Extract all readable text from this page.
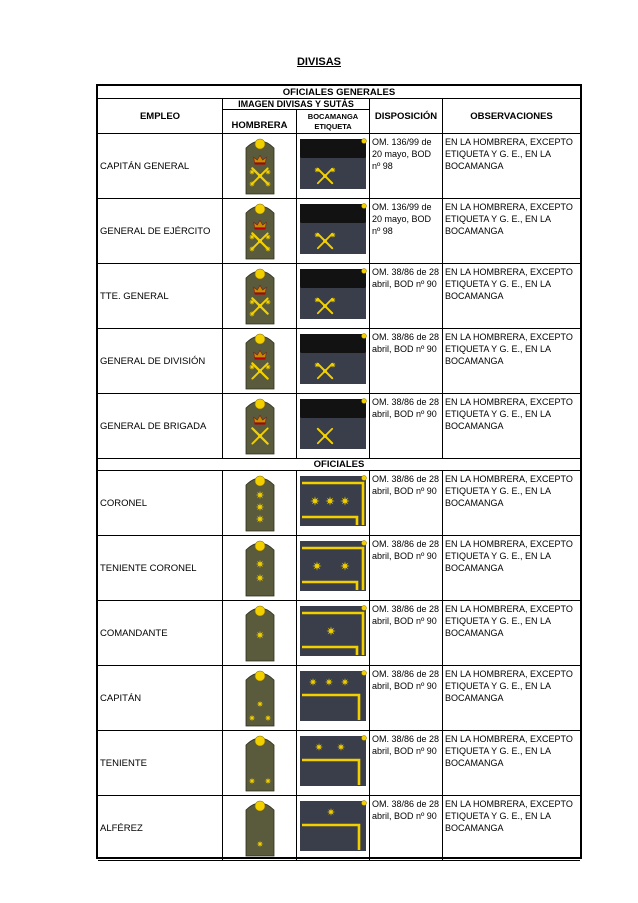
DIVISAS
OFICIALES GENERALES
EMPLEO
IMAGEN DIVISAS Y SUTÁS
HOMBRERA
BOCAMANGA ETIQUETA
DISPOSICIÓN	OBSERVACIONES
OFICIALES
CAPITÁN GENERAL
OM. 136/99 de 20 mayo, BOD nº 98
EN LA HOMBRERA, EXCEPTO ETIQUETA Y G. E., EN LA BOCAMANGA
GENERAL DE EJÉRCITO
OM. 136/99 de 20 mayo, BOD nº 98
EN LA HOMBRERA, EXCEPTO ETIQUETA Y G. E., EN LA BOCAMANGA
TTE. GENERAL
OM. 38/86 de 28 abril, BOD nº 90
EN LA HOMBRERA, EXCEPTO ETIQUETA Y G. E., EN LA BOCAMANGA
GENERAL DE DIVISIÓN
OM. 38/86 de 28 abril, BOD nº 90
EN LA HOMBRERA, EXCEPTO ETIQUETA Y G. E., EN LA BOCAMANGA
GENERAL DE BRIGADA
OM. 38/86 de 28 abril, BOD nº 90
EN LA HOMBRERA, EXCEPTO ETIQUETA Y G. E., EN LA BOCAMANGA
CORONEL
OM. 38/86 de 28 abril, BOD nº 90
EN LA HOMBRERA, EXCEPTO ETIQUETA Y G. E., EN LA BOCAMANGA
TENIENTE CORONEL
OM. 38/86 de 28 abril, BOD nº 90
EN LA HOMBRERA, EXCEPTO ETIQUETA Y G. E., EN LA BOCAMANGA
COMANDANTE
OM. 38/86 de 28 abril, BOD nº 90
EN LA HOMBRERA, EXCEPTO ETIQUETA Y G. E., EN LA BOCAMANGA
CAPITÁN
OM. 38/86 de 28 abril, BOD nº 90
EN LA HOMBRERA, EXCEPTO ETIQUETA Y G. E., EN LA BOCAMANGA
TENIENTE
OM. 38/86 de 28 abril, BOD nº 90
EN LA HOMBRERA, EXCEPTO ETIQUETA Y G. E., EN LA BOCAMANGA
ALFÉREZ
OM. 38/86 de 28 abril, BOD nº 90
EN LA HOMBRERA, EXCEPTO ETIQUETA Y G. E., EN LA BOCAMANGA
